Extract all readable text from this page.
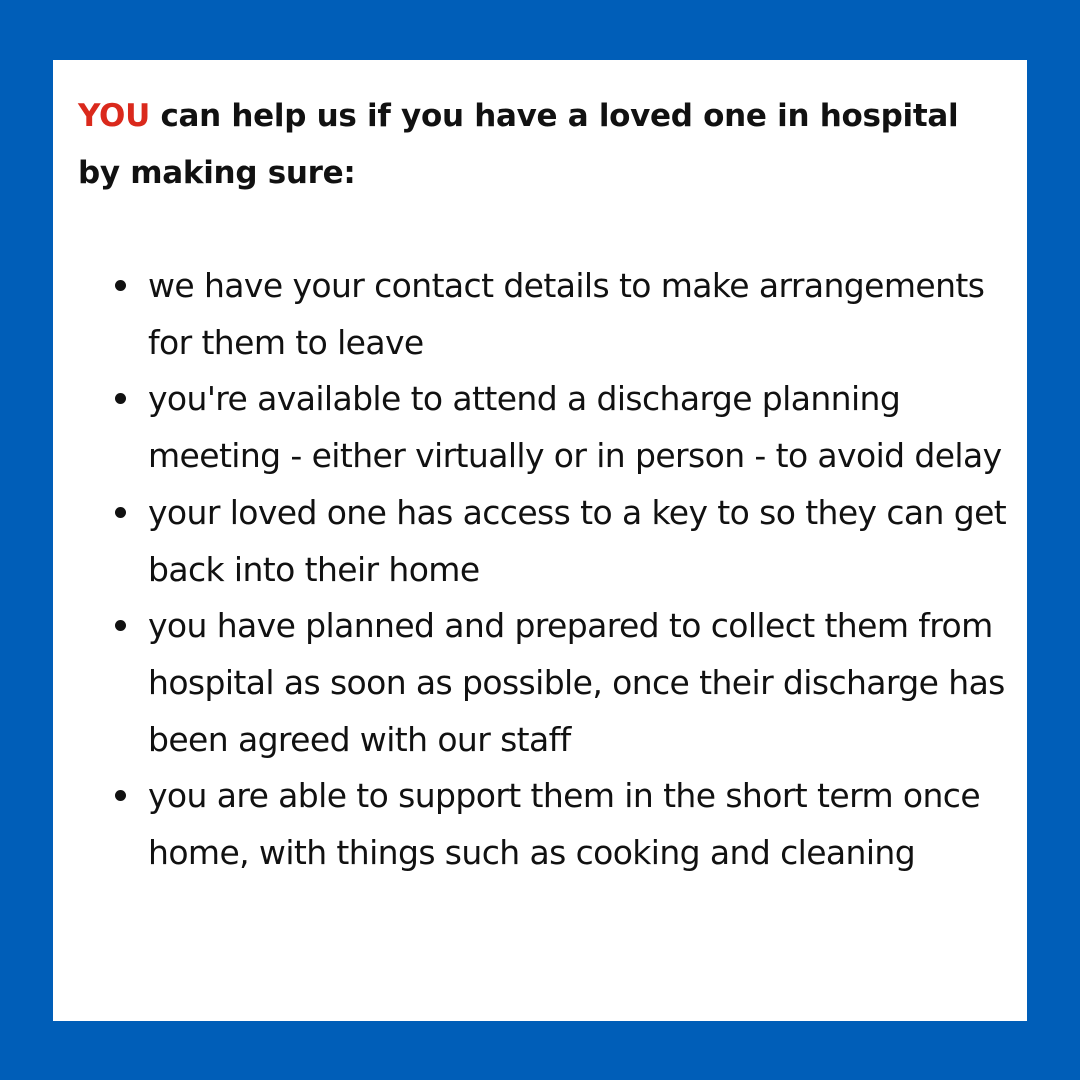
YOU can help us if you have a loved one in hospital by making sure:

we have your contact details to make arrangements for them to leave
you're available to attend a discharge planning meeting - either virtually or in person - to avoid delay
your loved one has access to a key to so they can get back into their home
you have planned and prepared to collect them from hospital as soon as possible, once their discharge has been agreed with our staff
you are able to support them in the short term once home, with things such as cooking and cleaning
